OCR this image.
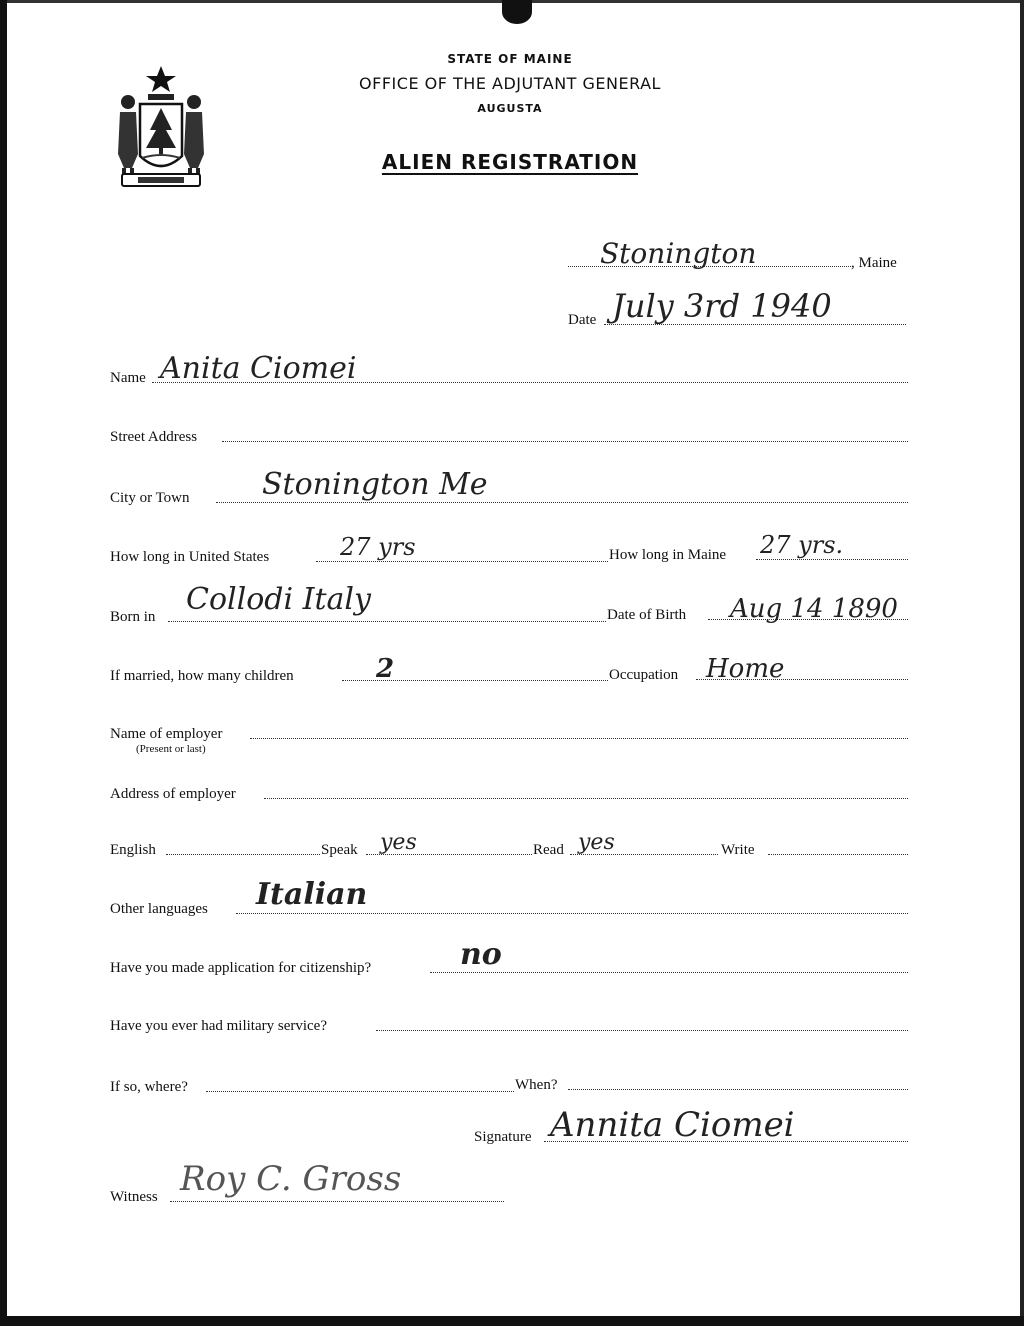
STATE OF MAINE
OFFICE OF THE ADJUTANT GENERAL
AUGUSTA
ALIEN REGISTRATION
Stonington	, Maine
Date July 3rd 1940
Name Anita Ciomei
Street Address
City or Town Stonington Me
How long in United States	27 yrs	How long in Maine 27 yrs.
Born in Collodi Italy	Date of Birth Aug 14 1890
If married, how many children	2	Occupation Home
Name of employer
(Present or last)
Address of employer
English	Speak yes	Read yes	Write
Other languages Italian
Have you made application for citizenship?	no
Have you ever had military service?
If so, where?	When?
Signature Annita Ciomei
Witness Roy C. Gross
